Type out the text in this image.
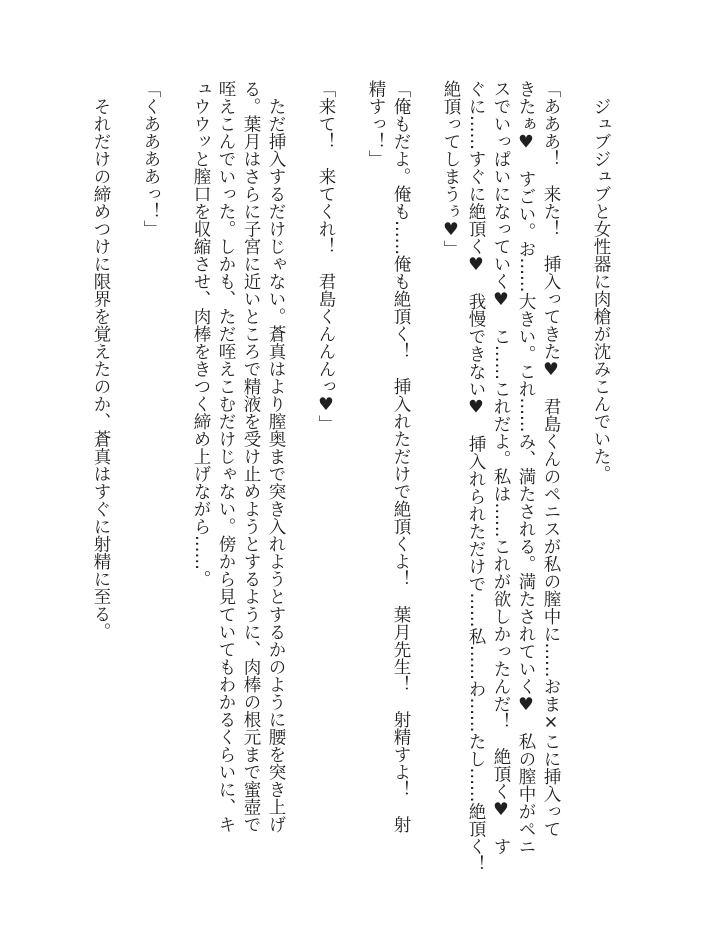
　ジュブジュブと女性器に肉槍が沈みこんでいた。
「あああ！　来た！　挿入ってきた♥　君島くんのペニスが私の膣中に……おま×こに挿入って
きたぁ♥　すごい。お……大きい。これ……み、満たされる。満たされていく♥　私の膣中がペニ
スでいっぱいになっていく♥　こ……これだよ。私は……これが欲しかったんだ！　絶頂く♥　す
ぐに……すぐに絶頂く♥　我慢できない♥　挿入れられただけで……私……わ……たし……絶頂く！
絶頂ってしまうぅ♥」
「俺もだよ。俺も……俺も絶頂く！　挿入れただけで絶頂くよ！　葉月先生！　射精すよ！　射
精すっ！」
「来て！　来てくれ！　君島くんんんっ♥」
　ただ挿入するだけじゃない。蒼真はより膣奥まで突き入れようとするかのように腰を突き上げ
る。葉月はさらに子宮に近いところで精液を受け止めようとするように、肉棒の根元まで蜜壺で
咥えこんでいった。しかも、ただ咥えこむだけじゃない。傍から見ていてもわかるくらいに、キ
ュウウッと膣口を収縮させ、肉棒をきつく締め上げながら……。
「くああああっ！」
　それだけの締めつけに限界を覚えたのか、蒼真はすぐに射精に至る。
